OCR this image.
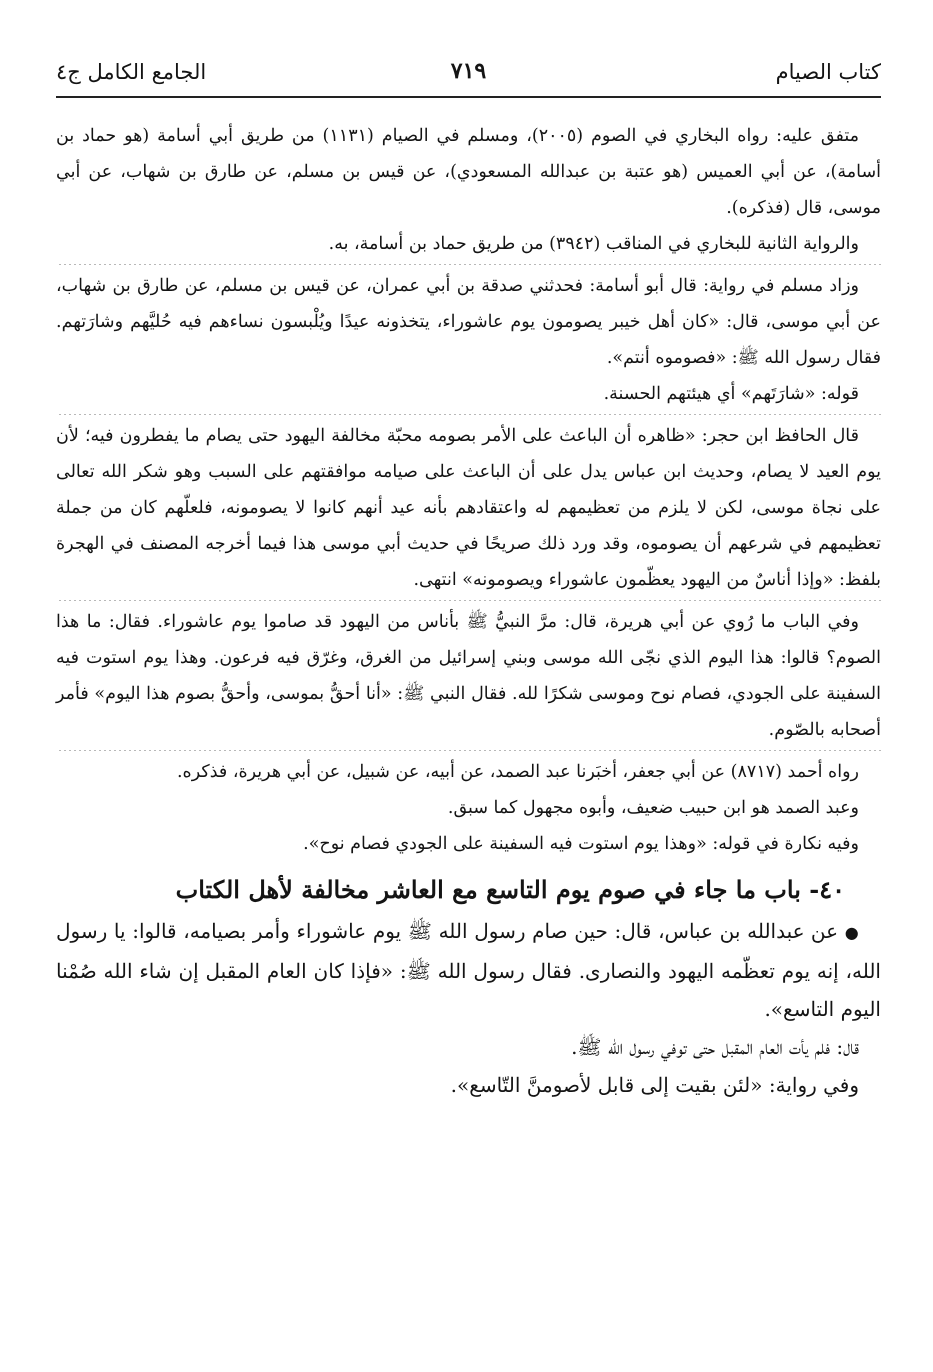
كتاب الصيام
٧١٩
الجامع الكامل ج٤

متفق عليه: رواه البخاري في الصوم (٢٠٠٥)، ومسلم في الصيام (١١٣١) من طريق أبي أسامة (هو حماد بن أسامة)، عن أبي العميس (هو عتبة بن عبدالله المسعودي)، عن قيس بن مسلم، عن طارق بن شهاب، عن أبي موسى، قال (فذكره).

والرواية الثانية للبخاري في المناقب (٣٩٤٢) من طريق حماد بن أسامة، به.

وزاد مسلم في رواية: قال أبو أسامة: فحدثني صدقة بن أبي عمران، عن قيس بن مسلم، عن طارق بن شهاب، عن أبي موسى، قال: «كان أهل خيبر يصومون يوم عاشوراء، يتخذونه عيدًا ويُلْبسون نساءهم فيه حُليَّهم وشارَتهم. فقال رسول الله ﷺ: «فصوموه أنتم».

قوله: «شارَتَهم» أي هيئتهم الحسنة.

قال الحافظ ابن حجر: «ظاهره أن الباعث على الأمر بصومه محبّة مخالفة اليهود حتى يصام ما يفطرون فيه؛ لأن يوم العيد لا يصام، وحديث ابن عباس يدل على أن الباعث على صيامه موافقتهم على السبب وهو شكر الله تعالى على نجاة موسى، لكن لا يلزم من تعظيمهم له واعتقادهم بأنه عيد أنهم كانوا لا يصومونه، فلعلّهم كان من جملة تعظيمهم في شرعهم أن يصوموه، وقد ورد ذلك صريحًا في حديث أبي موسى هذا فيما أخرجه المصنف في الهجرة بلفظ: «وإذا أناسٌ من اليهود يعظّمون عاشوراء ويصومونه» انتهى.

وفي الباب ما رُوي عن أبي هريرة، قال: مرَّ النبيُّ ﷺ بأناس من اليهود قد صاموا يوم عاشوراء. فقال: ما هذا الصوم؟ قالوا: هذا اليوم الذي نجّى الله موسى وبني إسرائيل من الغرق، وغرّق فيه فرعون. وهذا يوم استوت فيه السفينة على الجودي، فصام نوح وموسى شكرًا لله. فقال النبي ﷺ: «أنا أحقُّ بموسى، وأحقُّ بصوم هذا اليوم» فأمر أصحابه بالصّوم.

رواه أحمد (٨٧١٧) عن أبي جعفر، أخبَرنا عبد الصمد، عن أبيه، عن شبيل، عن أبي هريرة، فذكره.

وعبد الصمد هو ابن حبيب ضعيف، وأبوه مجهول كما سبق.

وفيه نكارة في قوله: «وهذا يوم استوت فيه السفينة على الجودي فصام نوح».

٤٠- باب ما جاء في صوم يوم التاسع مع العاشر مخالفة لأهل الكتاب

● عن عبدالله بن عباس، قال: حين صام رسول الله ﷺ يوم عاشوراء وأمر بصيامه، قالوا: يا رسول الله، إنه يوم تعظّمه اليهود والنصارى. فقال رسول الله ﷺ: «فإذا كان العام المقبل إن شاء الله صُمْنا اليوم التاسع».

قال: فلم يأت العام المقبل حتى توفي رسول الله ﷺ.

وفي رواية: «لئن بقيت إلى قابل لأصومنَّ التّاسع».
